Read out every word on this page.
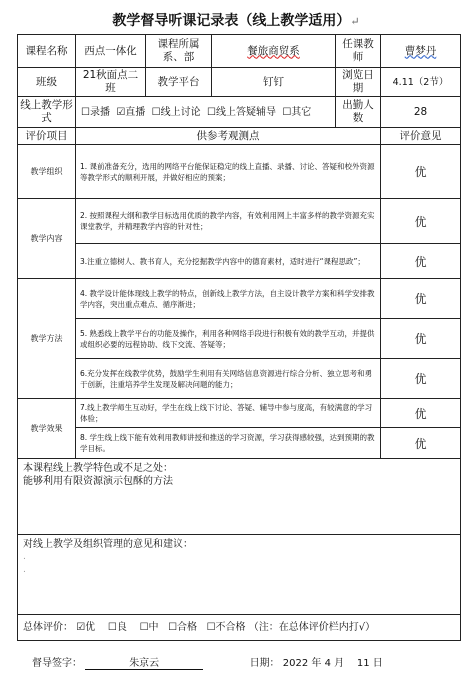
教学督导听课记录表（线上教学适用）↵
课程名称	西点一体化	课程所属系、部	餐旅商贸系	任课教师	曹梦丹
班级	21秋面点二班	教学平台	钉钉	浏览日期	4.11（2节）
线上教学形式	☐录播 ☑直播 ☐线上讨论 ☐线上答疑辅导 ☐其它			出勤人数	28
评价项目	供参考观测点				评价意见
教学组织	1. 课前准备充分，选用的网络平台能保证稳定的线上直播、录播、讨论、答疑和校外资源等教学形式的顺利开展，并做好相应的预案；				优
教学内容	2. 按照课程大纲和教学目标选用优质的教学内容，有效利用网上丰富多样的教学资源充实课堂教学，并精理教学内容的针对性；				优
	3.注重立德树人、教书育人，充分挖掘教学内容中的德育素材，适时进行“课程思政”；				优
教学方法	4. 教学设计能体现线上教学的特点，创新线上教学方法，自主设计教学方案和科学安排教学内容，突出重点难点、循序渐进；				优
	5. 熟悉线上教学平台的功能及操作，利用各种网络手段进行积极有效的教学互动，并提供或组织必要的远程协助、线下交流、答疑等；				优
	6.充分发挥在线教学优势，鼓励学生利用有关网络信息资源进行综合分析、独立思考和勇于创新，注重培养学生发现及解决问题的能力；				优
教学效果	7.线上教学师生互动好，学生在线上线下讨论、答疑、辅导中参与度高，有较满意的学习体验；				优
	8. 学生线上线下能有效利用教师讲授和推送的学习资源，学习获得感较强，达到预期的教学目标。				优

本课程线上教学特色或不足之处：
能够利用有限资源演示包酥的方法					

对线上教学及组织管理的意见和建议：
.
.					

总体评价： ☑优 ☐良 ☐中 ☐合格 ☐不合格 （注：在总体评价栏内打√）					
督导签字：	朱京云	日期： 2022 年 4 月 11 日
